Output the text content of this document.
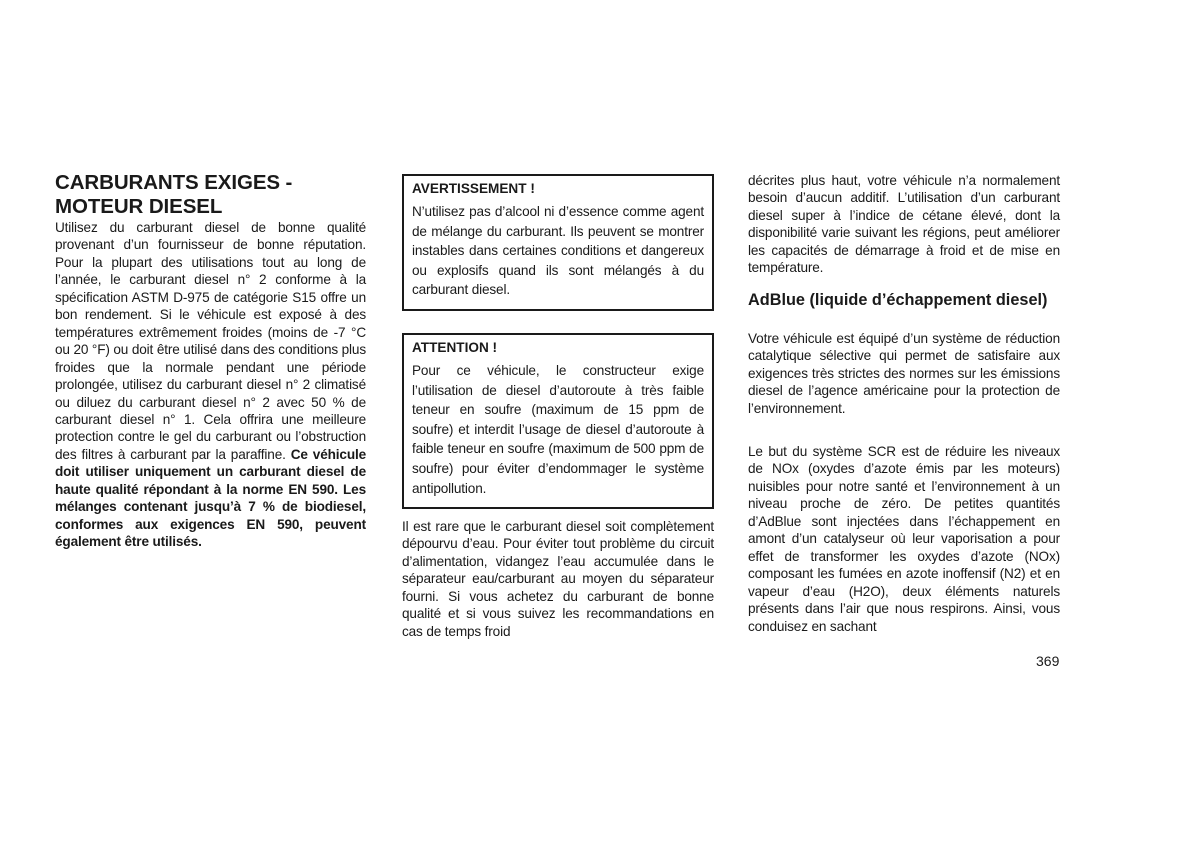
CARBURANTS EXIGES -
MOTEUR DIESEL

Utilisez du carburant diesel de bonne qualité provenant d’un fournisseur de bonne réputation. Pour la plupart des utilisations tout au long de l’année, le carburant diesel n° 2 conforme à la spécification ASTM D-975 de catégorie S15 offre un bon rendement. Si le véhicule est exposé à des températures extrêmement froides (moins de -7 °C ou 20 °F) ou doit être utilisé dans des conditions plus froides que la normale pendant une période prolongée, utilisez du carburant diesel n° 2 climatisé ou diluez du carburant diesel n° 2 avec 50 % de carburant diesel n° 1. Cela offrira une meilleure protection contre le gel du carburant ou l’obstruction des filtres à carburant par la paraffine. Ce véhicule doit utiliser uniquement un carburant diesel de haute qualité répondant à la norme EN 590. Les mélanges contenant jusqu’à 7 % de biodiesel, conformes aux exigences EN 590, peuvent également être utilisés.

AVERTISSEMENT !

N’utilisez pas d’alcool ni d’essence comme agent de mélange du carburant. Ils peuvent se montrer instables dans certaines conditions et dangereux ou explosifs quand ils sont mélangés à du carburant diesel.

ATTENTION !

Pour ce véhicule, le constructeur exige l’utilisation de diesel d’autoroute à très faible teneur en soufre (maximum de 15 ppm de soufre) et interdit l’usage de diesel d’autoroute à faible teneur en soufre (maximum de 500 ppm de soufre) pour éviter d’endommager le système antipollution.

Il est rare que le carburant diesel soit complètement dépourvu d’eau. Pour éviter tout problème du circuit d’alimentation, vidangez l’eau accumulée dans le séparateur eau/carburant au moyen du séparateur fourni. Si vous achetez du carburant de bonne qualité et si vous suivez les recommandations en cas de temps froid

décrites plus haut, votre véhicule n’a normalement besoin d’aucun additif. L’utilisation d’un carburant diesel super à l’indice de cétane élevé, dont la disponibilité varie suivant les régions, peut améliorer les capacités de démarrage à froid et de mise en température.

AdBlue (liquide d’échappement diesel)

Votre véhicule est équipé d’un système de réduction catalytique sélective qui permet de satisfaire aux exigences très strictes des normes sur les émissions diesel de l’agence américaine pour la protection de l’environnement.

Le but du système SCR est de réduire les niveaux de NOx (oxydes d’azote émis par les moteurs) nuisibles pour notre santé et l’environnement à un niveau proche de zéro. De petites quantités d’AdBlue sont injectées dans l’échappement en amont d’un catalyseur où leur vaporisation a pour effet de transformer les oxydes d’azote (NOx) composant les fumées en azote inoffensif (N2) et en vapeur d’eau (H2O), deux éléments naturels présents dans l’air que nous respirons. Ainsi, vous conduisez en sachant

369
